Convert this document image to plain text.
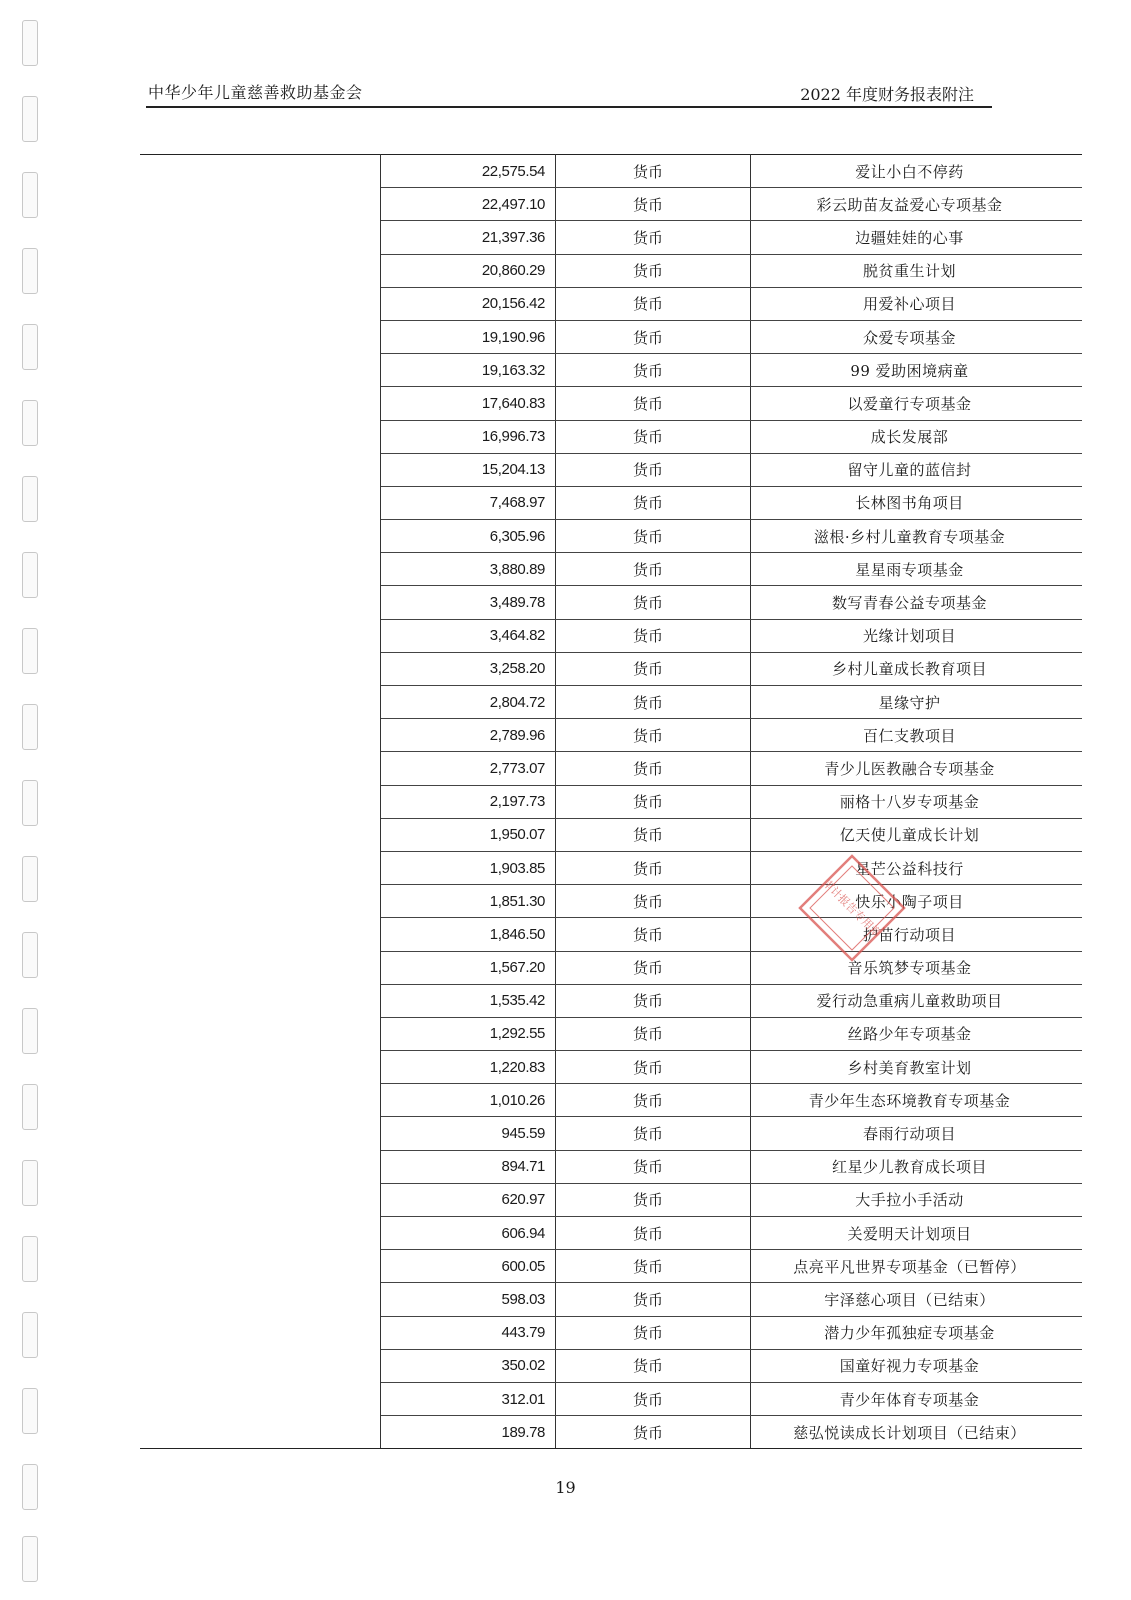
中华少年儿童慈善救助基金会	2022 年度财务报表附注
	22,575.54	货币	爱让小白不停药
	22,497.10	货币	彩云助苗友益爱心专项基金
	21,397.36	货币	边疆娃娃的心事
	20,860.29	货币	脱贫重生计划
	20,156.42	货币	用爱补心项目
	19,190.96	货币	众爱专项基金
	19,163.32	货币	99 爱助困境病童
	17,640.83	货币	以爱童行专项基金
	16,996.73	货币	成长发展部
	15,204.13	货币	留守儿童的蓝信封
	7,468.97	货币	长林图书角项目
	6,305.96	货币	滋根·乡村儿童教育专项基金
	3,880.89	货币	星星雨专项基金
	3,489.78	货币	数写青春公益专项基金
	3,464.82	货币	光缘计划项目
	3,258.20	货币	乡村儿童成长教育项目
	2,804.72	货币	星缘守护
	2,789.96	货币	百仁支教项目
	2,773.07	货币	青少儿医教融合专项基金
	2,197.73	货币	丽格十八岁专项基金
	1,950.07	货币	亿天使儿童成长计划
	1,903.85	货币	星芒公益科技行
	1,851.30	货币	快乐小陶子项目
	1,846.50	货币	护苗行动项目
	1,567.20	货币	音乐筑梦专项基金
	1,535.42	货币	爱行动急重病儿童救助项目
	1,292.55	货币	丝路少年专项基金
	1,220.83	货币	乡村美育教室计划
	1,010.26	货币	青少年生态环境教育专项基金
	945.59	货币	春雨行动项目
	894.71	货币	红星少儿教育成长项目
	620.97	货币	大手拉小手活动
	606.94	货币	关爱明天计划项目
	600.05	货币	点亮平凡世界专项基金（已暂停）
	598.03	货币	宇泽慈心项目（已结束）
	443.79	货币	潜力少年孤独症专项基金
	350.02	货币	国童好视力专项基金
	312.01	货币	青少年体育专项基金
	189.78	货币	慈弘悦读成长计划项目（已结束）
审计报告专用章
19
